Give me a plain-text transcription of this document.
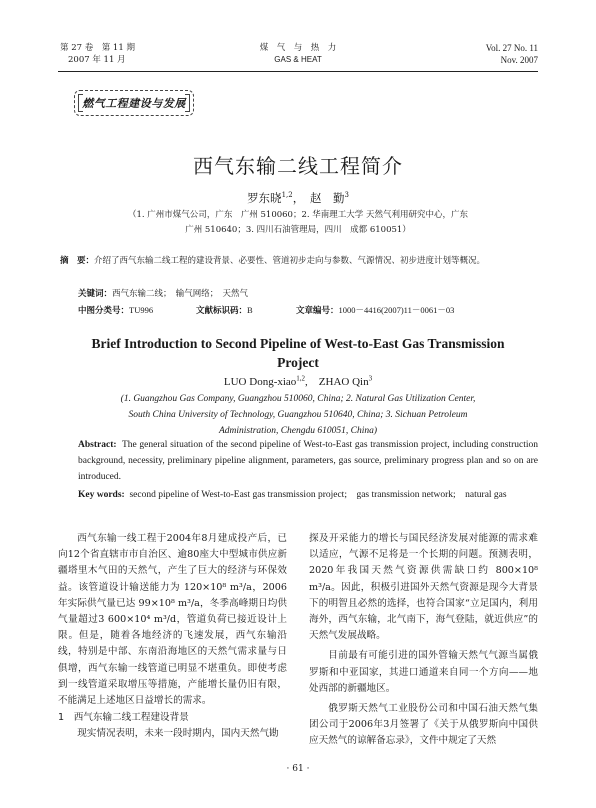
第 27 卷　第 11 期
2007 年 11 月
煤　气　与　热　力
GAS & HEAT
Vol. 27 No. 11
Nov. 2007
燃气工程建设与发展
西气东输二线工程简介
罗东晓$^{1,2}$，　赵　勤$^3$
（1. 广州市煤气公司，广东　广州 510060；2. 华南理工大学 天然气利用研究中心，广东
广州 510640；3. 四川石油管理局，四川　成都 610051）
摘　要：介绍了西气东输二线工程的建设背景、必要性、管道初步走向与参数、气源情况、初步进度计划等概况。
关键词：西气东输二线；　输气网络；　天然气
中图分类号：TU996	文献标识码：B	文章编号：1000－4416(2007)11－0061－03
Brief Introduction to Second Pipeline of West-to-East Gas Transmission Project
LUO Dong-xiao$^{1,2}$,　ZHAO Qin$^3$
(1. Guangzhou Gas Company, Guangzhou 510060, China; 2. Natural Gas Utilization Center,
South China University of Technology, Guangzhou 510640, China; 3. Sichuan Petroleum
Administration, Chengdu 610051, China)
Abstract: The general situation of the second pipeline of West-to-East gas transmission project, including construction background, necessity, preliminary pipeline alignment, parameters, gas source, preliminary progress plan and so on are introduced.
Key words: second pipeline of West-to-East gas transmission project;　gas transmission network;　natural gas

西气东输一线工程于2004年8月建成投产后，已向12个省直辖市市自治区、逾80座大中型城市供应新疆塔里木气田的天然气，产生了巨大的经济与环保效益。该管道设计输送能力为 120×10⁸ m³/a，2006年实际供气量已达 99×10⁸ m³/a，冬季高峰期日均供气量超过3 600×10⁴ m³/d，管道负荷已接近设计上限。但是，随着各地经济的飞速发展，西气东输沿线，特别是中部、东南沿海地区的天然气需求量与日俱增，西气东输一线管道已明显不堪重负。即使考虑到一线管道采取增压等措施，产能增长量仍旧有限，不能满足上述地区日益增长的需求。

1　西气东输二线工程建设背景

现实情况表明，未来一段时期内，国内天然气勘

探及开采能力的增长与国民经济发展对能源的需求难以适应，气源不足将是一个长期的问题。预测表明，2020年我国天然气资源供需缺口约 800×10⁸ m³/a。因此，积极引进国外天然气资源是现今大背景下的明智且必然的选择，也符合国家“立足国内，利用海外，西气东输，北气南下，海气登陆，就近供应”的天然气发展战略。

目前最有可能引进的国外管输天然气气源当属俄罗斯和中亚国家，其进口通道来自同一个方向——地处西部的新疆地区。

俄罗斯天然气工业股份公司和中国石油天然气集团公司于2006年3月签署了《关于从俄罗斯向中国供应天然气的谅解备忘录》，文件中规定了天然

· 61 ·
